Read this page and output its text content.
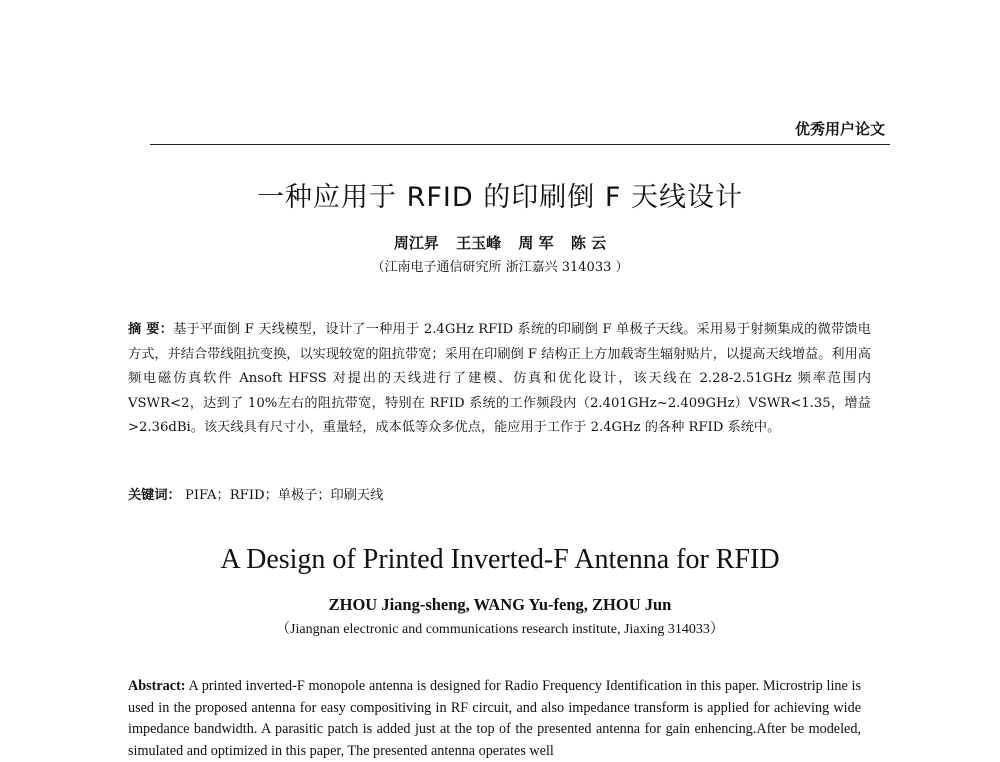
优秀用户论文
一种应用于 RFID 的印刷倒 F 天线设计
周江昇 王玉峰 周 军 陈 云
（江南电子通信研究所 浙江嘉兴 314033 ）
摘 要：基于平面倒 F 天线模型，设计了一种用于 2.4GHz RFID 系统的印刷倒 F 单极子天线。采用易于射频集成的微带馈电方式，并结合带线阻抗变换，以实现较宽的阻抗带宽；采用在印刷倒 F 结构正上方加载寄生辐射贴片，以提高天线增益。利用高频电磁仿真软件 Ansoft HFSS 对提出的天线进行了建模、仿真和优化设计，该天线在 2.28-2.51GHz 频率范围内 VSWR<2，达到了 10%左右的阻抗带宽，特别在 RFID 系统的工作频段内（2.401GHz~2.409GHz）VSWR<1.35，增益>2.36dBi。该天线具有尺寸小，重量轻，成本低等众多优点，能应用于工作于 2.4GHz 的各种 RFID 系统中。
关键词： PIFA；RFID；单极子；印刷天线
A Design of Printed Inverted-F Antenna for RFID
ZHOU Jiang-sheng, WANG Yu-feng, ZHOU Jun
（Jiangnan electronic and communications research institute, Jiaxing 314033）
Abstract: A printed inverted-F monopole antenna is designed for Radio Frequency Identification in this paper. Microstrip line is used in the proposed antenna for easy compositiving in RF circuit, and also impedance transform is applied for achieving wide impedance bandwidth. A parasitic patch is added just at the top of the presented antenna for gain enhencing.After be modeled, simulated and optimized in this paper, The presented antenna operates well
